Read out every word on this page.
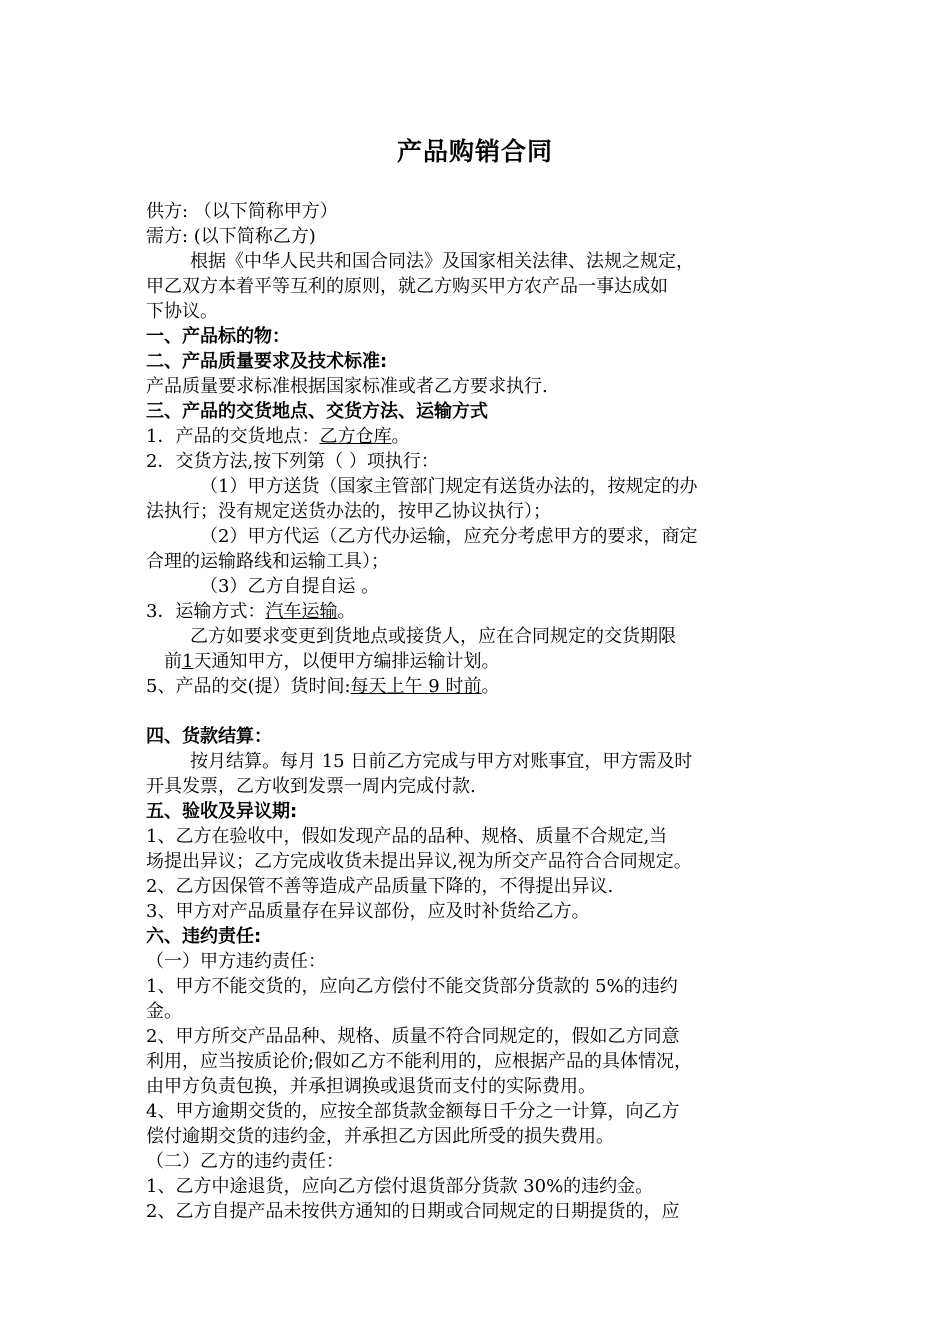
产品购销合同

供方: （以下简称甲方）

需方: (以下简称乙方)

根据《中华人民共和国合同法》及国家相关法律、法规之规定，

甲乙双方本着平等互利的原则，就乙方购买甲方农产品一事达成如

下协议。

一、产品标的物：

二、产品质量要求及技术标准:

产品质量要求标准根据国家标准或者乙方要求执行.

三、产品的交货地点、交货方法、运输方式

1．产品的交货地点：乙方仓库。

2．交货方法,按下列第（ ）项执行：

（1）甲方送货（国家主管部门规定有送货办法的，按规定的办

法执行；没有规定送货办法的，按甲乙协议执行）；

（2）甲方代运（乙方代办运输，应充分考虑甲方的要求，商定

合理的运输路线和运输工具）；

（3）乙方自提自运 。

3．运输方式：汽车运输。

乙方如要求变更到货地点或接货人，应在合同规定的交货期限

前1天通知甲方，以便甲方编排运输计划。

5、产品的交(提）货时间:每天上午 9 时前。

四、货款结算：

按月结算。每月 15 日前乙方完成与甲方对账事宜，甲方需及时

开具发票，乙方收到发票一周内完成付款.

五、验收及异议期:

1、乙方在验收中，假如发现产品的品种、规格、质量不合规定,当

场提出异议；乙方完成收货未提出异议,视为所交产品符合合同规定。

2、乙方因保管不善等造成产品质量下降的，不得提出异议.

3、甲方对产品质量存在异议部份，应及时补货给乙方。

六、违约责任:

（一）甲方违约责任：

1、甲方不能交货的，应向乙方偿付不能交货部分货款的 5%的违约

金。

2、甲方所交产品品种、规格、质量不符合同规定的，假如乙方同意

利用，应当按质论价;假如乙方不能利用的，应根据产品的具体情况，

由甲方负责包换，并承担调换或退货而支付的实际费用。

4、甲方逾期交货的，应按全部货款金额每日千分之一计算，向乙方

偿付逾期交货的违约金，并承担乙方因此所受的损失费用。

（二）乙方的违约责任：

1、乙方中途退货，应向乙方偿付退货部分货款 30%的违约金。

2、乙方自提产品未按供方通知的日期或合同规定的日期提货的，应
